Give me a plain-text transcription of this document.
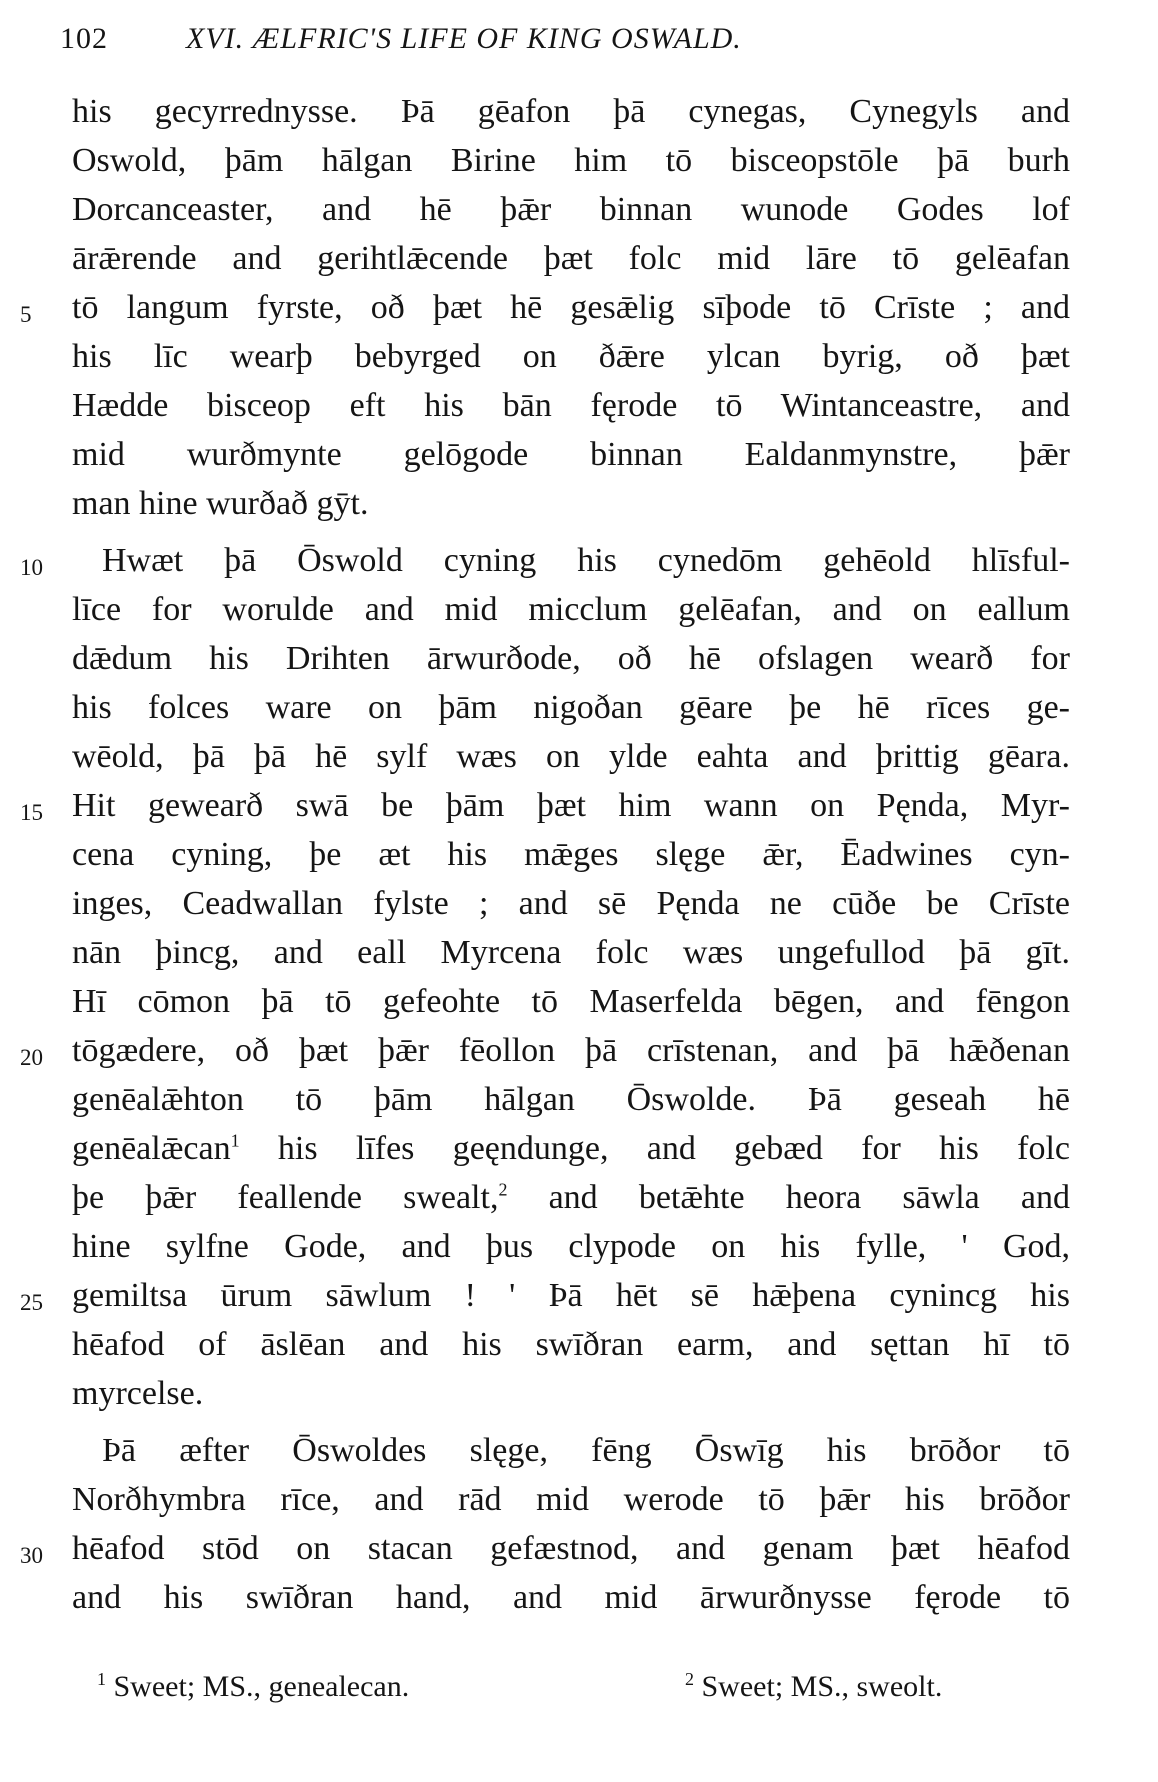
102	XVI. ÆLFRIC'S LIFE OF KING OSWALD.
his gecyrrednysse. Þā gēafon þā cynegas, Cynegyls and
Oswold, þām hālgan Birine him tō bisceopstōle þā burh
Dorcanceaster, and hē þǣr binnan wunode Godes lof
ārǣrende and gerihtlǣcende þæt folc mid lāre tō gelēafan
5	tō langum fyrste, oð þæt hē gesǣlig sīþode tō Crīste ; and
his līc wearþ bebyrged on ðǣre ylcan byrig, oð þæt
Hædde bisceop eft his bān fęrode tō Wintanceastre, and
mid wurðmynte gelōgode binnan Ealdanmynstre, þǣr
man hine wurðað gȳt.
10	Hwæt þā Ōswold cyning his cynedōm gehēold hlīsful-
līce for worulde and mid micclum gelēafan, and on eallum
dǣdum his Drihten ārwurðode, oð hē ofslagen wearð for
his folces ware on þām nigoðan gēare þe hē rīces ge-
wēold, þā þā hē sylf wæs on ylde eahta and þrittig gēara.
15 Hit gewearð swā be þām þæt him wann on Pęnda, Myr-
cena cyning, þe æt his mǣges slęge ǣr, Ēadwines cyn-
inges, Ceadwallan fylste ; and sē Pęnda ne cūðe be Crīste
nān þincg, and eall Myrcena folc wæs ungefullod þā gīt.
Hī cōmon þā tō gefeohte tō Maserfelda bēgen, and fēngon
20 tōgædere, oð þæt þǣr fēollon þā crīstenan, and þā hǣðenan
genēalǣhton tō þām hālgan Ōswolde. Þā geseah hē
genēalǣcan$^1$ his līfes geęndunge, and gebæd for his folc
þe þǣr feallende swealt,$^2$ and betǣhte heora sāwla and
hine sylfne Gode, and þus clypode on his fylle, ' God,
25 gemiltsa ūrum sāwlum ! ' Þā hēt sē hǣþena cynincg his
hēafod of āslēan and his swīðran earm, and sęttan hī tō
myrcelse.
Þā æfter Ōswoldes slęge, fēng Ōswīg his brōðor tō
Norðhymbra rīce, and rād mid werode tō þǣr his brōðor
30 hēafod stōd on stacan gefæstnod, and genam þæt hēafod
and his swīðran hand, and mid ārwurðnysse fęrode tō
$^1$ Sweet; MS., genealecan.	$^2$ Sweet; MS., sweolt.
